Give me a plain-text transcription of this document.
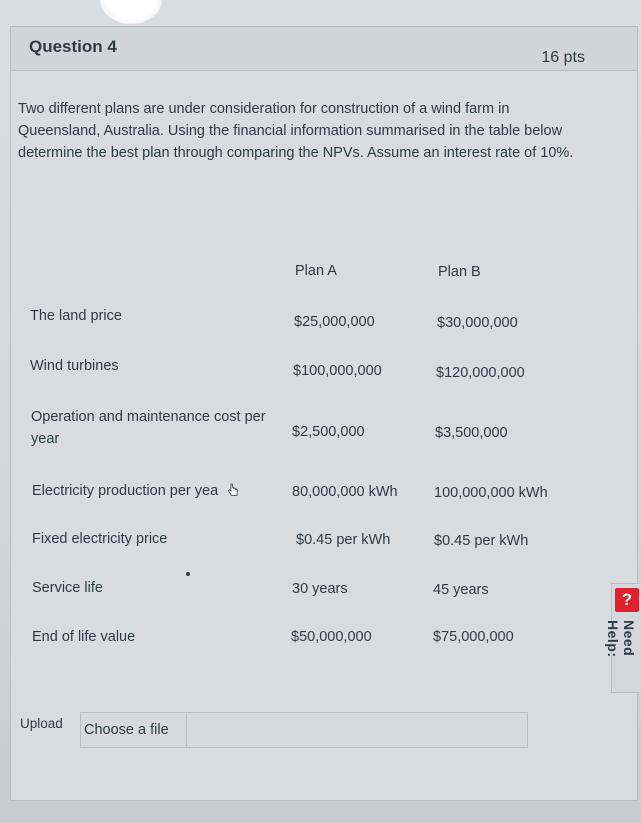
Question 4
16 pts

Two different plans are under consideration for construction of a wind farm in Queensland, Australia. Using the financial information summarised in the table below determine the best plan through comparing the NPVs. Assume an interest rate of 10%.

Plan A	Plan B
The land price	$25,000,000	$30,000,000
Wind turbines	$100,000,000	$120,000,000
Operation and maintenance cost per year	$2,500,000	$3,500,000
Electricity production per yea	80,000,000 kWh	100,000,000 kWh
Fixed electricity price	$0.45 per kWh	$0.45 per kWh
Service life	30 years	45 years
End of life value	$50,000,000	$75,000,000
Upload Choose a file
?
Need Help:
